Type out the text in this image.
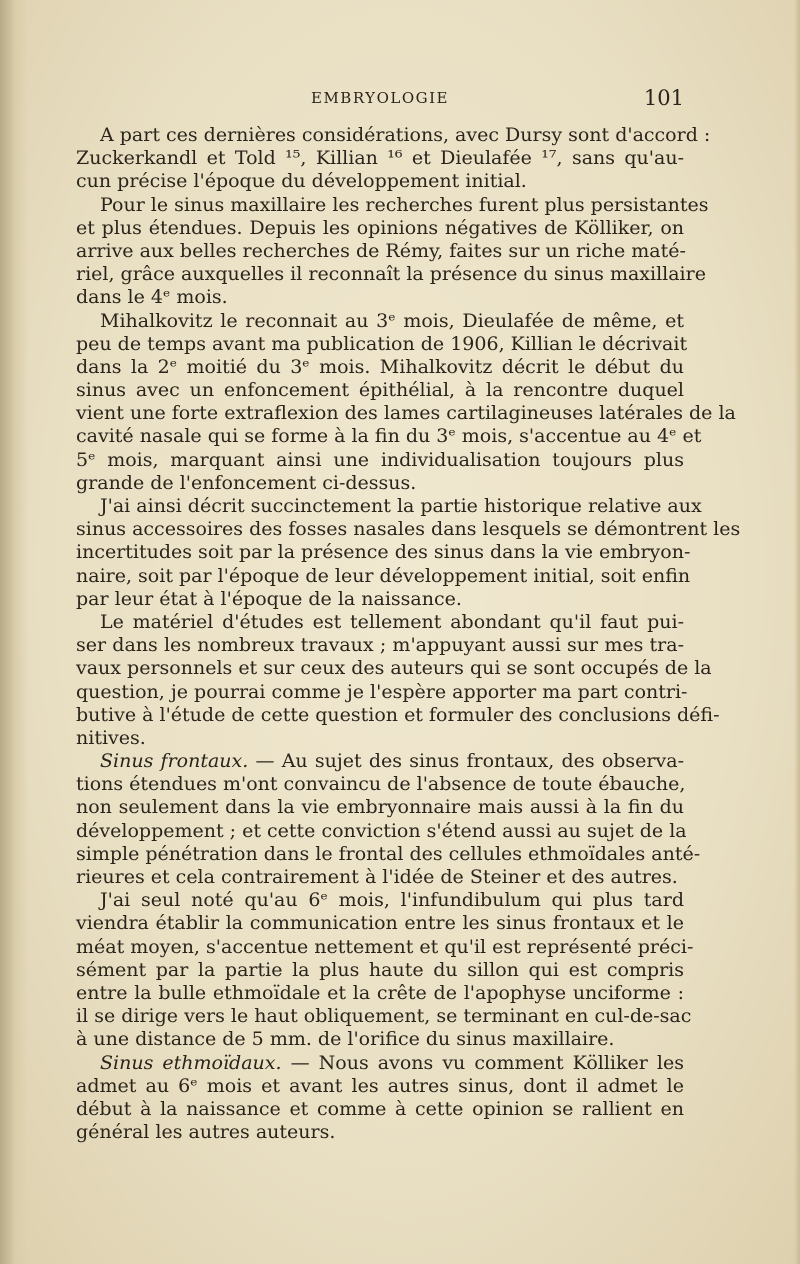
EMBRYOLOGIE	101
A part ces dernières considérations, avec Dursy sont d'accord :
Zuckerkandl et Told ¹⁵, Killian ¹⁶ et Dieulafée ¹⁷, sans qu'au-
cun précise l'époque du développement initial.
Pour le sinus maxillaire les recherches furent plus persistantes
et plus étendues. Depuis les opinions négatives de Kölliker, on
arrive aux belles recherches de Rémy, faites sur un riche maté-
riel, grâce auxquelles il reconnaît la présence du sinus maxillaire
dans le 4ᵉ mois.
Mihalkovitz le reconnait au 3ᵉ mois, Dieulafée de même, et
peu de temps avant ma publication de 1906, Killian le décrivait
dans la 2ᵉ moitié du 3ᵉ mois. Mihalkovitz décrit le début du
sinus avec un enfoncement épithélial, à la rencontre duquel
vient une forte extraflexion des lames cartilagineuses latérales de la
cavité nasale qui se forme à la fin du 3ᵉ mois, s'accentue au 4ᵉ et
5ᵉ mois, marquant ainsi une individualisation toujours plus
grande de l'enfoncement ci-dessus.
J'ai ainsi décrit succinctement la partie historique relative aux
sinus accessoires des fosses nasales dans lesquels se démontrent les
incertitudes soit par la présence des sinus dans la vie embryon-
naire, soit par l'époque de leur développement initial, soit enfin
par leur état à l'époque de la naissance.
Le matériel d'études est tellement abondant qu'il faut pui-
ser dans les nombreux travaux ; m'appuyant aussi sur mes tra-
vaux personnels et sur ceux des auteurs qui se sont occupés de la
question, je pourrai comme je l'espère apporter ma part contri-
butive à l'étude de cette question et formuler des conclusions défi-
nitives.
Sinus frontaux. — Au sujet des sinus frontaux, des observa-
tions étendues m'ont convaincu de l'absence de toute ébauche,
non seulement dans la vie embryonnaire mais aussi à la fin du
développement ; et cette conviction s'étend aussi au sujet de la
simple pénétration dans le frontal des cellules ethmoïdales anté-
rieures et cela contrairement à l'idée de Steiner et des autres.
J'ai seul noté qu'au 6ᵉ mois, l'infundibulum qui plus tard
viendra établir la communication entre les sinus frontaux et le
méat moyen, s'accentue nettement et qu'il est représenté préci-
sément par la partie la plus haute du sillon qui est compris
entre la bulle ethmoïdale et la crête de l'apophyse unciforme :
il se dirige vers le haut obliquement, se terminant en cul-de-sac
à une distance de 5 mm. de l'orifice du sinus maxillaire.
Sinus ethmoïdaux. — Nous avons vu comment Kölliker les
admet au 6ᵉ mois et avant les autres sinus, dont il admet le
début à la naissance et comme à cette opinion se rallient en
général les autres auteurs.
